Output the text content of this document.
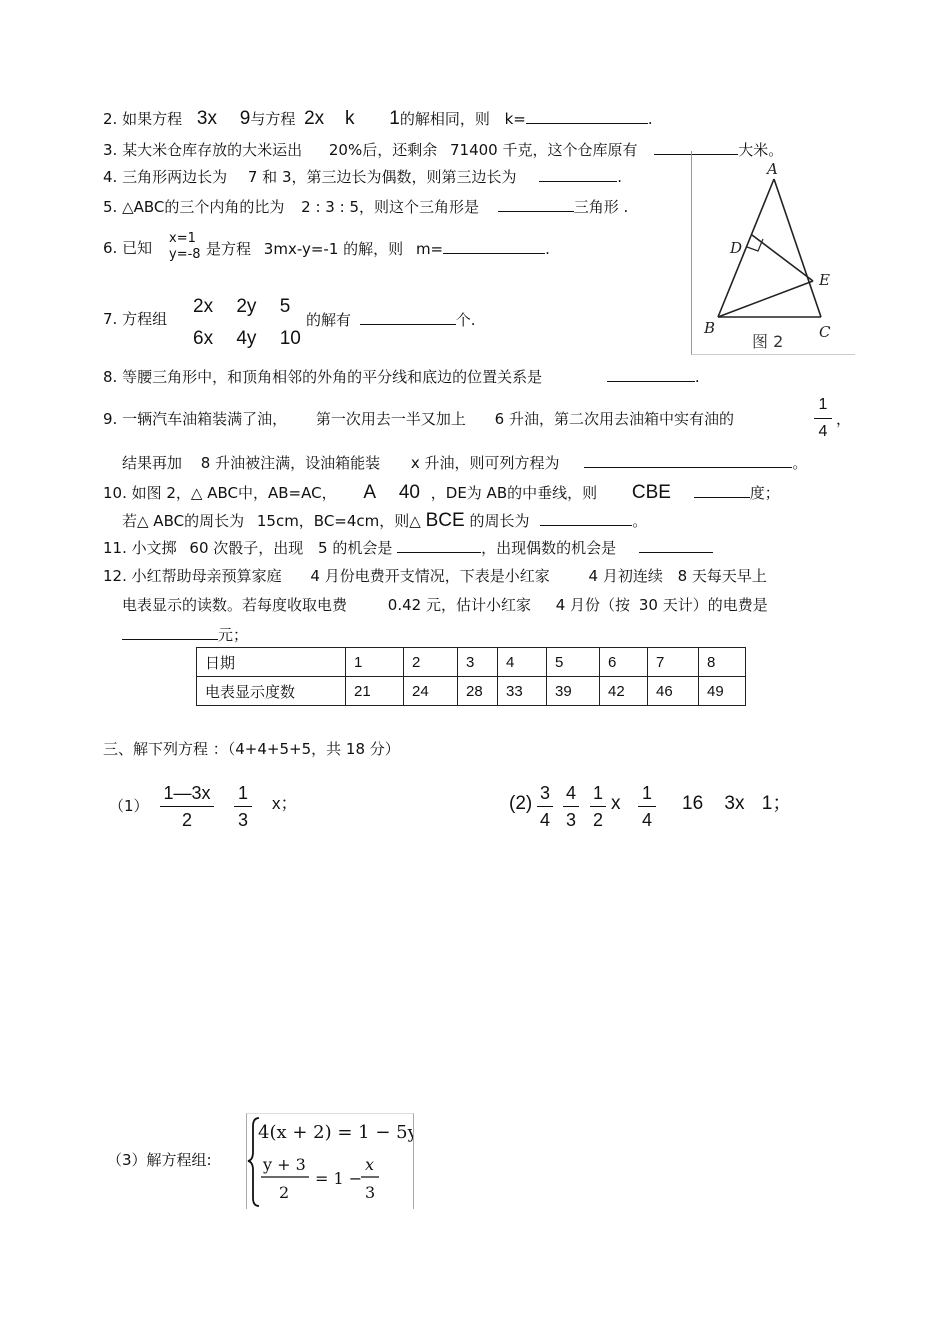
2. 如果方程 3x 9与方程 2x k 1的解相同，则 k=	.
3. 某大米仓库存放的大米运出 20%后，还剩余 71400 千克，这个仓库原有	大米。
4. 三角形两边长为 7 和 3，第三边长为偶数，则第三边长为	.
5. △ABC的三个内角的比为 2 : 3 : 5，则这个三角形是	三角形 .
6. 已知
x=1
y=-8 是方程 3mx-y=-1 的解，则 m=	.
7. 方程组
2x 2y 5
6x 4y 10
的解有	个.
A
B	C
D
E
图 2
8. 等腰三角形中，和顶角相邻的外角的平分线和底边的位置关系是	.
9. 一辆汽车油箱装满了油， 第一次用去一半又加上 6 升油，第二次用去油箱中实有油的
1
4
，
结果再加 8 升油被注满，设油箱能装 x 升油，则可列方程为	。
10. 如图 2，△ ABC中，AB=AC， A 40 ，DE为 AB的中垂线，则 CBE	度；
若△ ABC的周长为 15cm，BC=4cm，则△ BCE 的周长为	。
11. 小文掷 60 次骰子，出现 5 的机会是	，出现偶数的机会是
12. 小红帮助母亲预算家庭 4 月份电费开支情况，下表是小红家	4 月初连续 8 天每天早上
电表显示的读数。若每度收取电费	0.42 元，估计小红家 4 月份（按 30 天计）的电费是
元；
日期	1	2	3	4	5	6	7	8
电表显示度数	21	24	28	33	39	42	46	49
三、解下列方程 ：（4+4+5+5，共 18 分）
（1）
1—3x
2
1
3
x；	(2) 3
4
4
3
1
2
x 1
4
16 3x 1；
（3）解方程组:
4(x + 2) = 1 − 5y
y + 3
2
= 1 −
x
3
